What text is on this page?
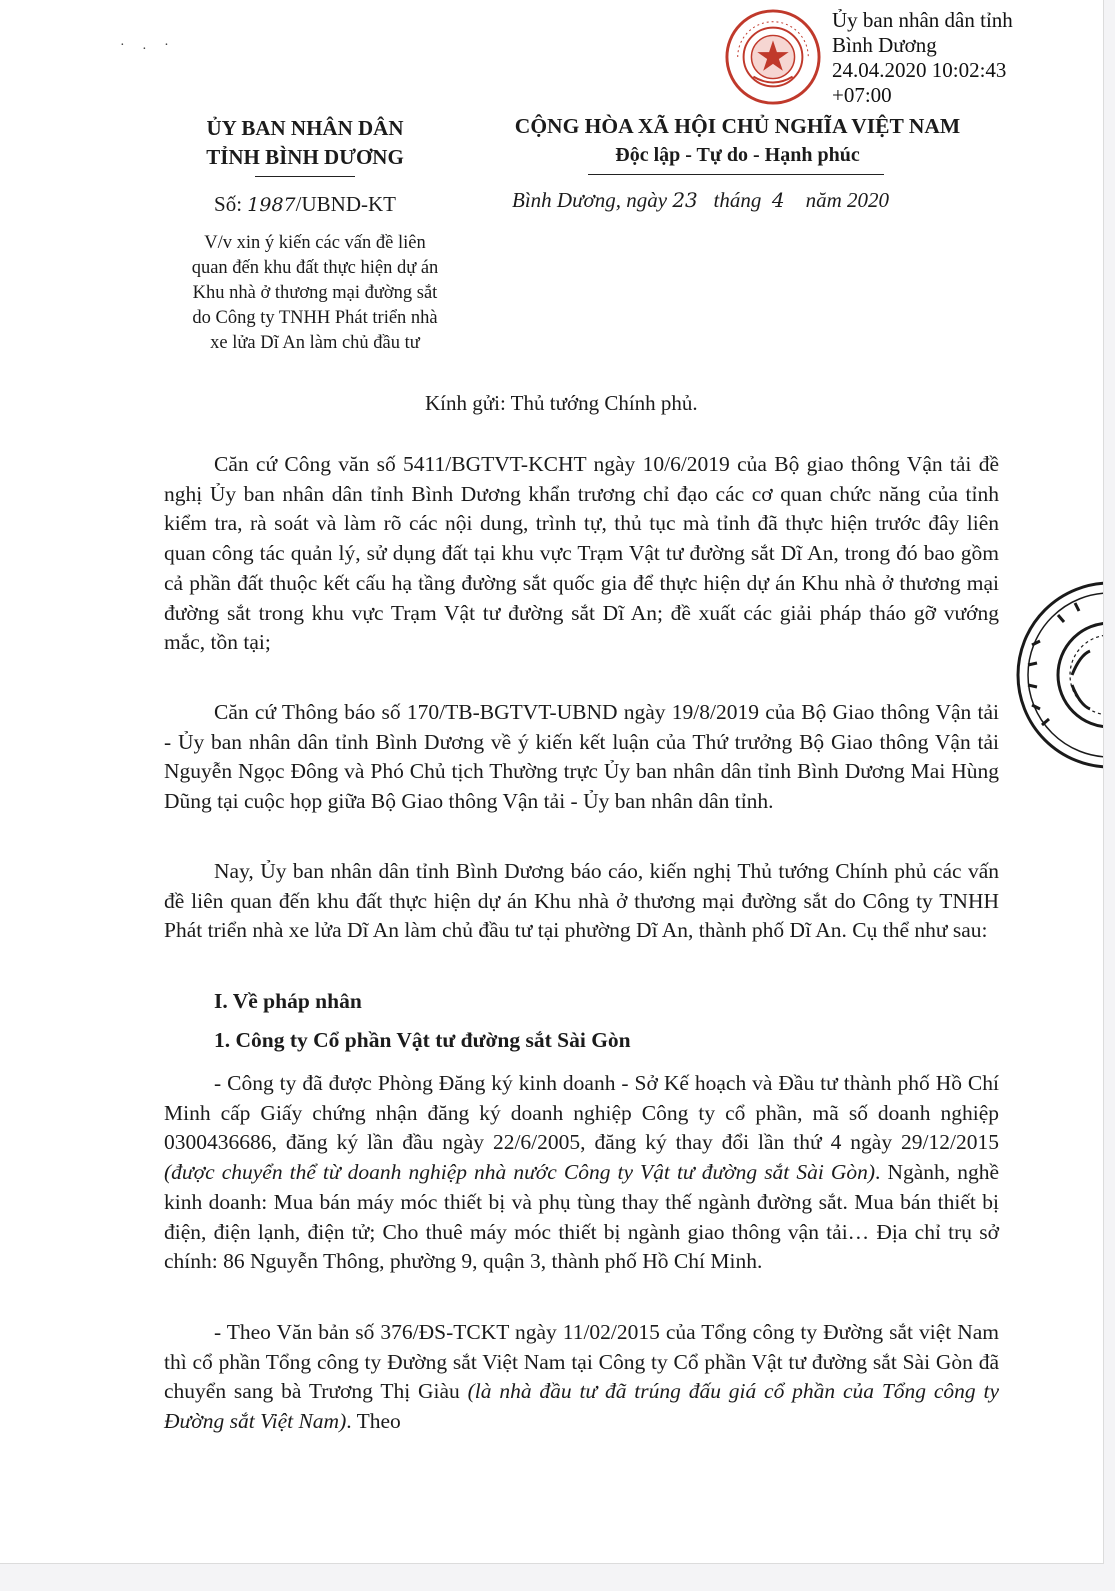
·.·
Ủy ban nhân dân tỉnh
Bình Dương
24.04.2020 10:02:43
+07:00
ỦY BAN NHÂN DÂN
TỈNH BÌNH DƯƠNG
CỘNG HÒA XÃ HỘI CHỦ NGHĨA VIỆT NAM
Độc lập - Tự do - Hạnh phúc
Số: 1987/UBND-KT	Bình Dương, ngày 23 tháng 4 năm 2020
V/v xin ý kiến các vấn đề liên
quan đến khu đất thực hiện dự án
Khu nhà ở thương mại đường sắt
do Công ty TNHH Phát triển nhà
xe lửa Dĩ An làm chủ đầu tư
Kính gửi: Thủ tướng Chính phủ.
Căn cứ Công văn số 5411/BGTVT-KCHT ngày 10/6/2019 của Bộ giao thông Vận tải đề nghị Ủy ban nhân dân tỉnh Bình Dương khẩn trương chỉ đạo các cơ quan chức năng của tỉnh kiểm tra, rà soát và làm rõ các nội dung, trình tự, thủ tục mà tỉnh đã thực hiện trước đây liên quan công tác quản lý, sử dụng đất tại khu vực Trạm Vật tư đường sắt Dĩ An, trong đó bao gồm cả phần đất thuộc kết cấu hạ tầng đường sắt quốc gia để thực hiện dự án Khu nhà ở thương mại đường sắt trong khu vực Trạm Vật tư đường sắt Dĩ An; đề xuất các giải pháp tháo gỡ vướng mắc, tồn tại;
Căn cứ Thông báo số 170/TB-BGTVT-UBND ngày 19/8/2019 của Bộ Giao thông Vận tải - Ủy ban nhân dân tỉnh Bình Dương về ý kiến kết luận của Thứ trưởng Bộ Giao thông Vận tải Nguyễn Ngọc Đông và Phó Chủ tịch Thường trực Ủy ban nhân dân tỉnh Bình Dương Mai Hùng Dũng tại cuộc họp giữa Bộ Giao thông Vận tải - Ủy ban nhân dân tỉnh.
Nay, Ủy ban nhân dân tỉnh Bình Dương báo cáo, kiến nghị Thủ tướng Chính phủ các vấn đề liên quan đến khu đất thực hiện dự án Khu nhà ở thương mại đường sắt do Công ty TNHH Phát triển nhà xe lửa Dĩ An làm chủ đầu tư tại phường Dĩ An, thành phố Dĩ An. Cụ thể như sau:
I. Về pháp nhân
1. Công ty Cổ phần Vật tư đường sắt Sài Gòn
- Công ty đã được Phòng Đăng ký kinh doanh - Sở Kế hoạch và Đầu tư thành phố Hồ Chí Minh cấp Giấy chứng nhận đăng ký doanh nghiệp Công ty cổ phần, mã số doanh nghiệp 0300436686, đăng ký lần đầu ngày 22/6/2005, đăng ký thay đổi lần thứ 4 ngày 29/12/2015 (được chuyển thể từ doanh nghiệp nhà nước Công ty Vật tư đường sắt Sài Gòn). Ngành, nghề kinh doanh: Mua bán máy móc thiết bị và phụ tùng thay thế ngành đường sắt. Mua bán thiết bị điện, điện lạnh, điện tử; Cho thuê máy móc thiết bị ngành giao thông vận tải… Địa chỉ trụ sở chính: 86 Nguyễn Thông, phường 9, quận 3, thành phố Hồ Chí Minh.
- Theo Văn bản số 376/ĐS-TCKT ngày 11/02/2015 của Tổng công ty Đường sắt việt Nam thì cổ phần Tổng công ty Đường sắt Việt Nam tại Công ty Cổ phần Vật tư đường sắt Sài Gòn đã chuyển sang bà Trương Thị Giàu (là nhà đầu tư đã trúng đấu giá cổ phần của Tổng công ty Đường sắt Việt Nam). Theo
